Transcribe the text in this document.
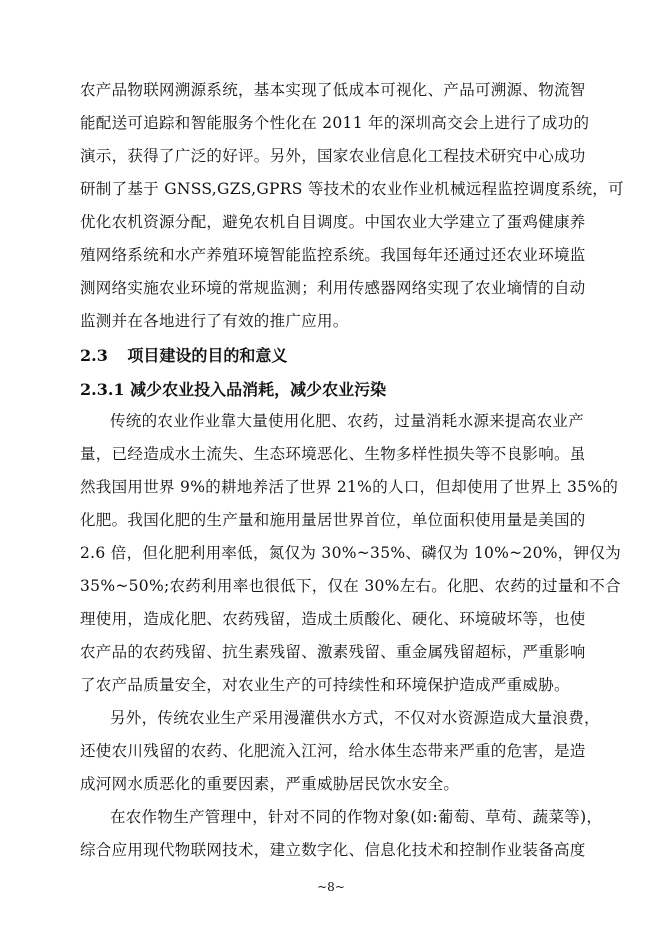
农产品物联网溯源系统，基本实现了低成本可视化、产品可溯源、物流智
能配送可追踪和智能服务个性化在 2011 年的深圳高交会上进行了成功的
演示，获得了广泛的好评。另外，国家农业信息化工程技术研究中心成功
研制了基于 GNSS,GZS,GPRS 等技术的农业作业机械远程监控调度系统，可
优化农机资源分配，避免农机自目调度。中国农业大学建立了蛋鸡健康养
殖网络系统和水产养殖环境智能监控系统。我国每年还通过还农业环境监
测网络实施农业环境的常规监测；利用传感器网络实现了农业墒情的自动
监测并在各地进行了有效的推广应用。
2.3 项目建设的目的和意义
2.3.1 减少农业投入品消耗，减少农业污染
传统的农业作业靠大量使用化肥、农药，过量消耗水源来提高农业产
量，已经造成水土流失、生态环境恶化、生物多样性损失等不良影响。虽
然我国用世界 9%的耕地养活了世界 21%的人口，但却使用了世界上 35%的
化肥。我国化肥的生产量和施用量居世界首位，单位面积使用量是美国的
2.6 倍，但化肥利用率低，氮仅为 30%~35%、磷仅为 10%~20%，钾仅为
35%~50%;农药利用率也很低下，仅在 30%左右。化肥、农药的过量和不合
理使用，造成化肥、农药残留，造成土质酸化、硬化、环境破坏等，也使
农产品的农药残留、抗生素残留、激素残留、重金属残留超标，严重影响
了农产品质量安全，对农业生产的可持续性和环境保护造成严重威胁。
另外，传统农业生产采用漫灌供水方式，不仅对水资源造成大量浪费，
还使农川残留的农药、化肥流入江河，给水体生态带来严重的危害，是造
成河网水质恶化的重要因素，严重威胁居民饮水安全。
在农作物生产管理中，针对不同的作物对象(如:葡萄、草苟、蔬菜等)，
综合应用现代物联网技术，建立数字化、信息化技术和控制作业装备高度
~8~
